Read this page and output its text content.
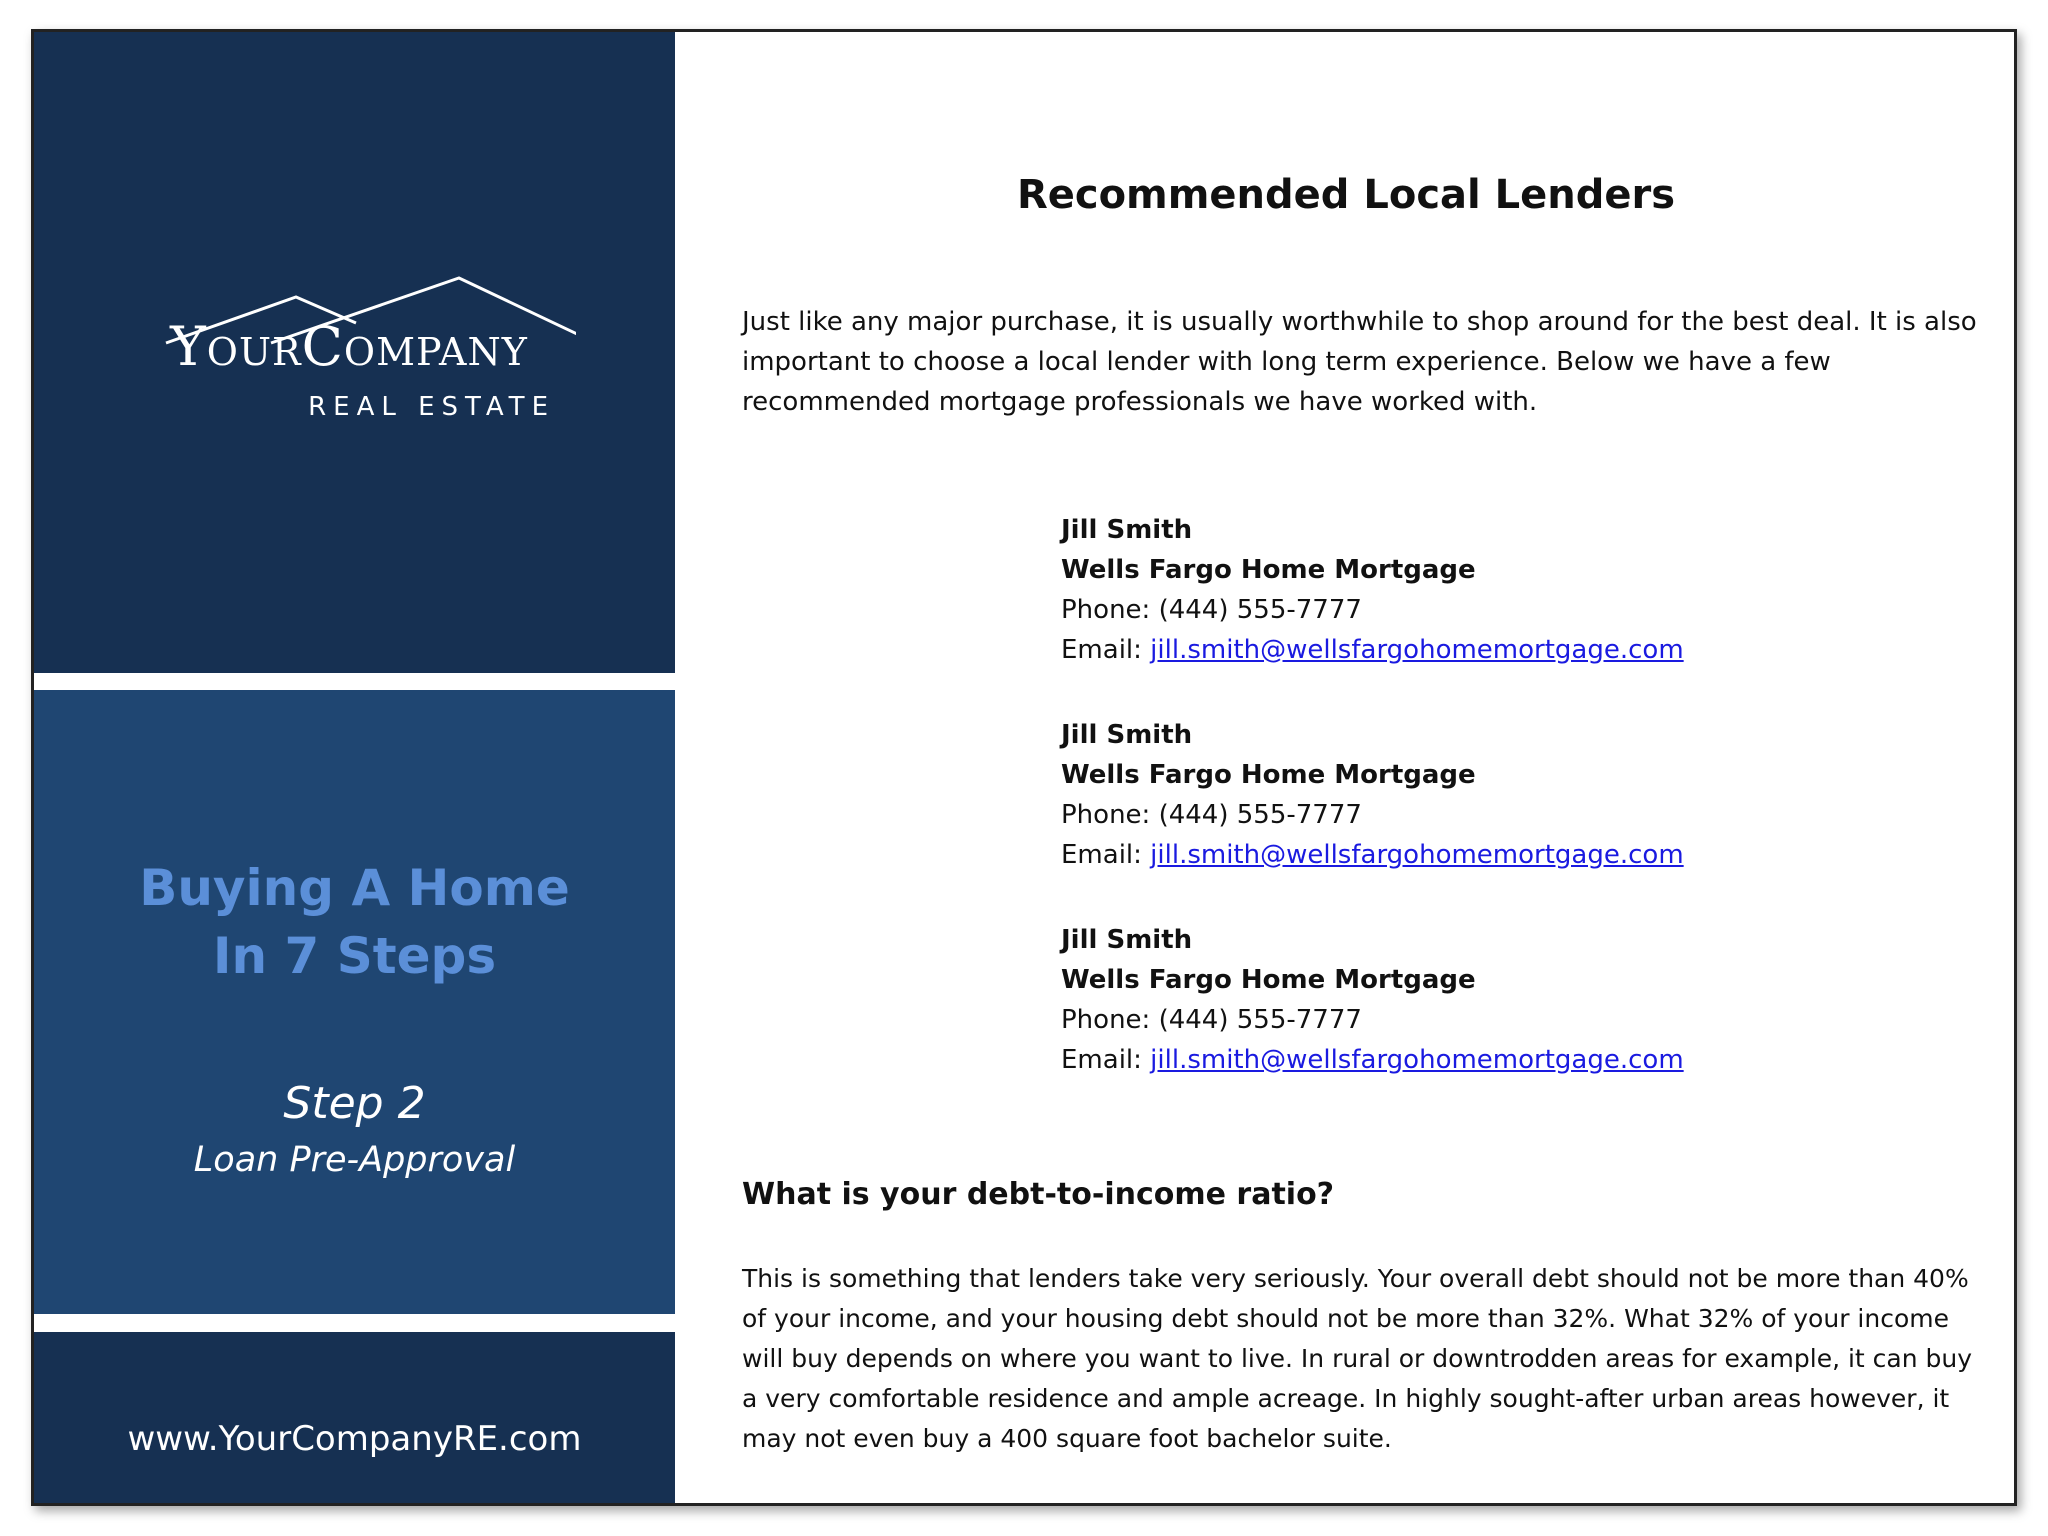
YourCompany
REAL ESTATE
Buying A Home
In 7 Steps
Step 2
Loan Pre-Approval
www.YourCompanyRE.com
Recommended Local Lenders
Just like any major purchase, it is usually worthwhile to shop around for the best deal. It is also important to choose a local lender with long term experience. Below we have a few recommended mortgage professionals we have worked with.
Jill Smith
Wells Fargo Home Mortgage
Phone: (444) 555-7777
Email: jill.smith@wellsfargohomemortgage.com
Jill Smith
Wells Fargo Home Mortgage
Phone: (444) 555-7777
Email: jill.smith@wellsfargohomemortgage.com
Jill Smith
Wells Fargo Home Mortgage
Phone: (444) 555-7777
Email: jill.smith@wellsfargohomemortgage.com
What is your debt-to-income ratio?
This is something that lenders take very seriously. Your overall debt should not be more than 40% of your income, and your housing debt should not be more than 32%. What 32% of your income will buy depends on where you want to live. In rural or downtrodden areas for example, it can buy a very comfortable residence and ample acreage. In highly sought-after urban areas however, it may not even buy a 400 square foot bachelor suite.
